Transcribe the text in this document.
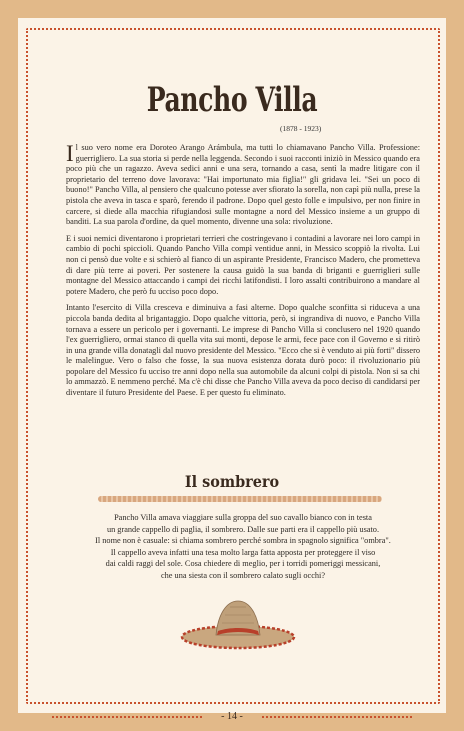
Pancho Villa
(1878 - 1923)

Il suo vero nome era Doroteo Arango Arámbula, ma tutti lo chiamavano Pancho Villa. Professione: guerrigliero. La sua storia si perde nella leggenda. Secondo i suoi racconti iniziò in Messico quando era poco più che un ragazzo. Aveva sedici anni e una sera, tornando a casa, sentì la madre litigare con il proprietario del terreno dove lavorava: "Hai importunato mia figlia!" gli gridava lei. "Sei un poco di buono!" Pancho Villa, al pensiero che qualcuno potesse aver sfiorato la sorella, non capì più nulla, prese la pistola che aveva in tasca e sparò, ferendo il padrone. Dopo quel gesto folle e impulsivo, per non finire in carcere, si diede alla macchia rifugiandosi sulle montagne a nord del Messico insieme a un gruppo di banditi. La sua parola d'ordine, da quel momento, divenne una sola: rivoluzione.

E i suoi nemici diventarono i proprietari terrieri che costringevano i contadini a lavorare nei loro campi in cambio di pochi spiccioli. Quando Pancho Villa compì ventidue anni, in Messico scoppiò la rivolta. Lui non ci pensò due volte e si schierò al fianco di un aspirante Presidente, Francisco Madero, che prometteva di dare più terre ai poveri. Per sostenere la causa guidò la sua banda di briganti e guerriglieri sulle montagne del Messico attaccando i campi dei ricchi latifondisti. I loro assalti contribuirono a mandare al potere Madero, che però fu ucciso poco dopo.

Intanto l'esercito di Villa cresceva e diminuiva a fasi alterne. Dopo qualche sconfitta si riduceva a una piccola banda dedita al brigantaggio. Dopo qualche vittoria, però, si ingrandiva di nuovo, e Pancho Villa tornava a essere un pericolo per i governanti. Le imprese di Pancho Villa si conclusero nel 1920 quando l'ex guerrigliero, ormai stanco di quella vita sui monti, depose le armi, fece pace con il Governo e si ritirò in una grande villa donatagli dal nuovo presidente del Messico. "Ecco che si è venduto ai più forti" dissero le malelingue. Vero o falso che fosse, la sua nuova esistenza dorata durò poco: il rivoluzionario più popolare del Messico fu ucciso tre anni dopo nella sua automobile da alcuni colpi di pistola. Non si sa chi lo ammazzò. E nemmeno perché. Ma c'è chi disse che Pancho Villa aveva da poco deciso di candidarsi per diventare il futuro Presidente del Paese. E per questo fu eliminato.

Il sombrero

Pancho Villa amava viaggiare sulla groppa del suo cavallo bianco con in testa

un grande cappello di paglia, il sombrero. Dalle sue parti era il cappello più usato.

Il nome non è casuale: si chiama sombrero perché sombra in spagnolo significa "ombra".

Il cappello aveva infatti una tesa molto larga fatta apposta per proteggere il viso

dai caldi raggi del sole. Cosa chiedere di meglio, per i torridi pomeriggi messicani,

che una siesta con il sombrero calato sugli occhi?

- 14 -
